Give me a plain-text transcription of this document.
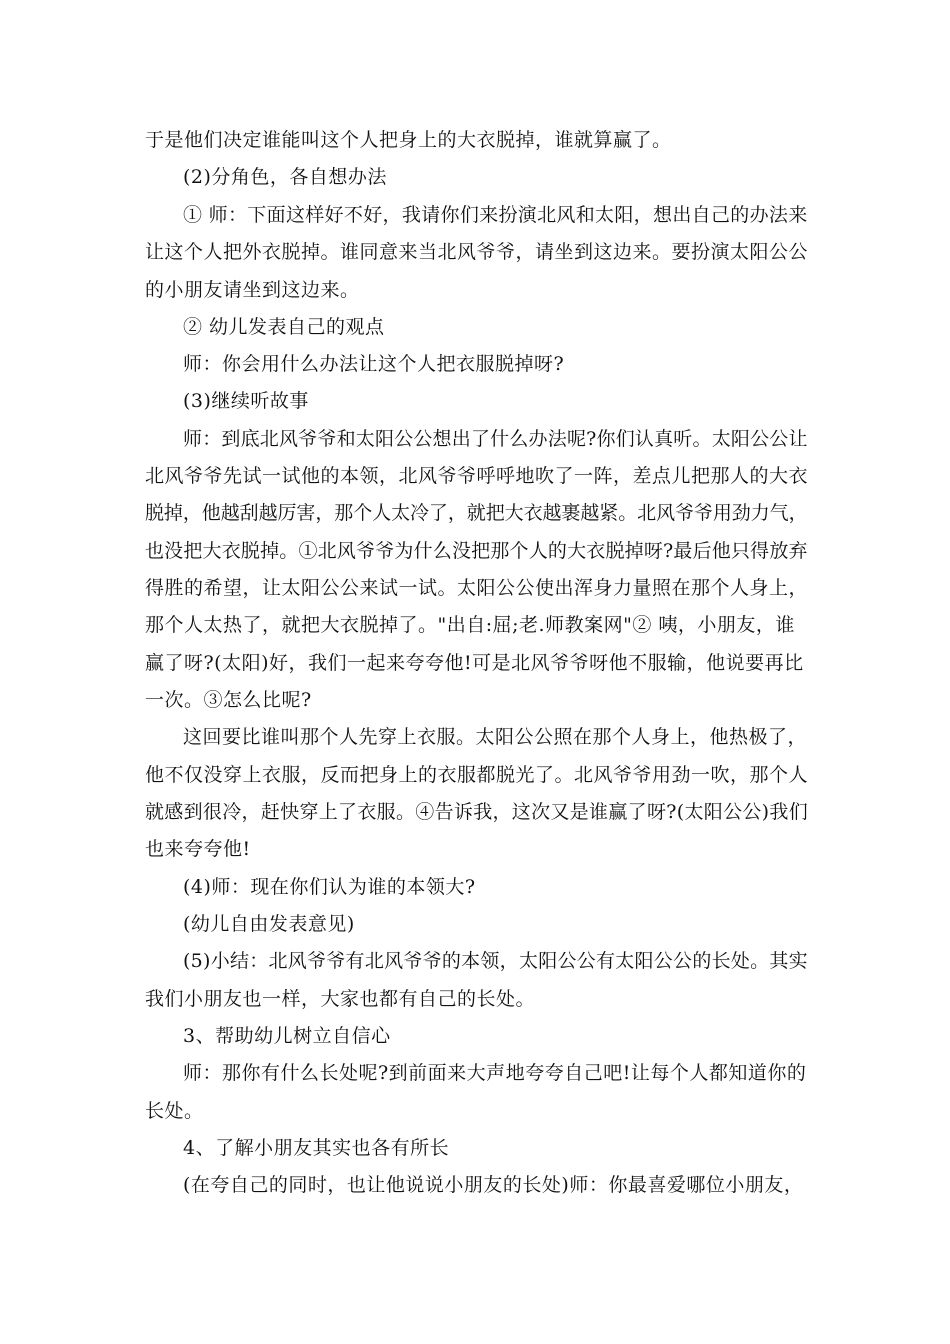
于是他们决定谁能叫这个人把身上的大衣脱掉，谁就算赢了。
(2)分角色，各自想办法
① 师：下面这样好不好，我请你们来扮演北风和太阳，想出自己的办法来
让这个人把外衣脱掉。谁同意来当北风爷爷，请坐到这边来。要扮演太阳公公
的小朋友请坐到这边来。
② 幼儿发表自己的观点
师：你会用什么办法让这个人把衣服脱掉呀?
(3)继续听故事
师：到底北风爷爷和太阳公公想出了什么办法呢?你们认真听。太阳公公让
北风爷爷先试一试他的本领，北风爷爷呼呼地吹了一阵，差点儿把那人的大衣
脱掉，他越刮越厉害，那个人太冷了，就把大衣越裹越紧。北风爷爷用劲力气，
也没把大衣脱掉。①北风爷爷为什么没把那个人的大衣脱掉呀?最后他只得放弃
得胜的希望，让太阳公公来试一试。太阳公公使出浑身力量照在那个人身上，
那个人太热了，就把大衣脱掉了。"出自:屈;老.师教案网"② 咦，小朋友，谁
赢了呀?(太阳)好，我们一起来夸夸他!可是北风爷爷呀他不服输，他说要再比
一次。③怎么比呢?
这回要比谁叫那个人先穿上衣服。太阳公公照在那个人身上，他热极了，
他不仅没穿上衣服，反而把身上的衣服都脱光了。北风爷爷用劲一吹，那个人
就感到很冷，赶快穿上了衣服。④告诉我，这次又是谁赢了呀?(太阳公公)我们
也来夸夸他!
(4)师：现在你们认为谁的本领大?
(幼儿自由发表意见)
(5)小结：北风爷爷有北风爷爷的本领，太阳公公有太阳公公的长处。其实
我们小朋友也一样，大家也都有自己的长处。
3、帮助幼儿树立自信心
师：那你有什么长处呢?到前面来大声地夸夸自己吧!让每个人都知道你的
长处。
4、了解小朋友其实也各有所长
(在夸自己的同时，也让他说说小朋友的长处)师：你最喜爱哪位小朋友，
